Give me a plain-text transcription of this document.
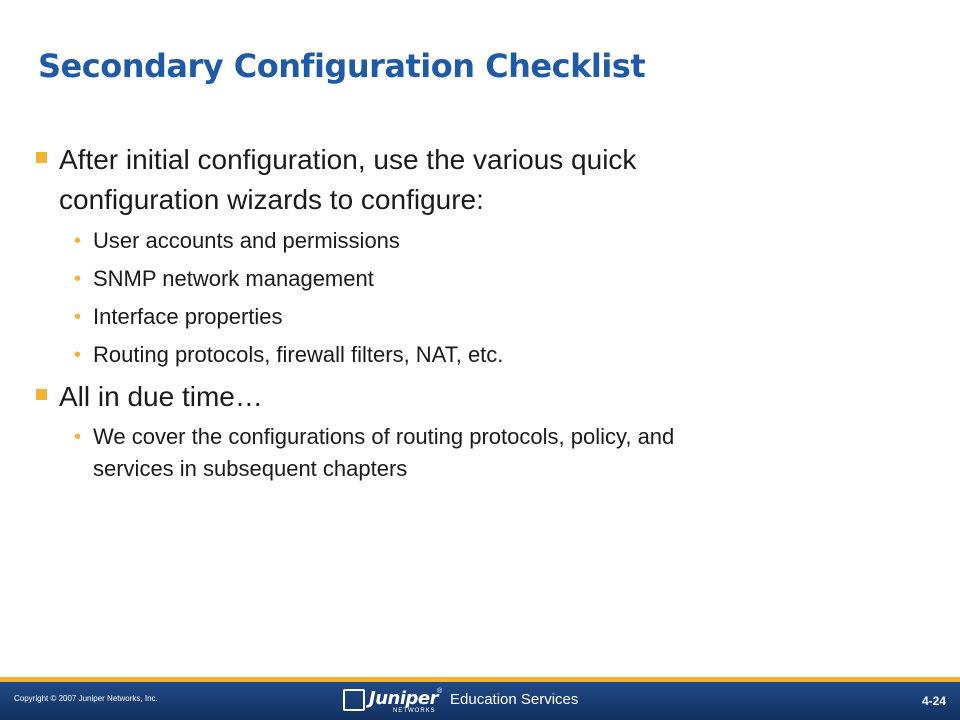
Secondary Configuration Checklist
After initial configuration, use the various quick
configuration wizards to configure:
• User accounts and permissions
• SNMP network management
• Interface properties
• Routing protocols, firewall filters, NAT, etc.
All in due time…
• We cover the configurations of routing protocols, policy, and
services in subsequent chapters
Copyright © 2007 Juniper Networks, Inc.	Juniper ®
NETWORKS
Education Services	4-24
